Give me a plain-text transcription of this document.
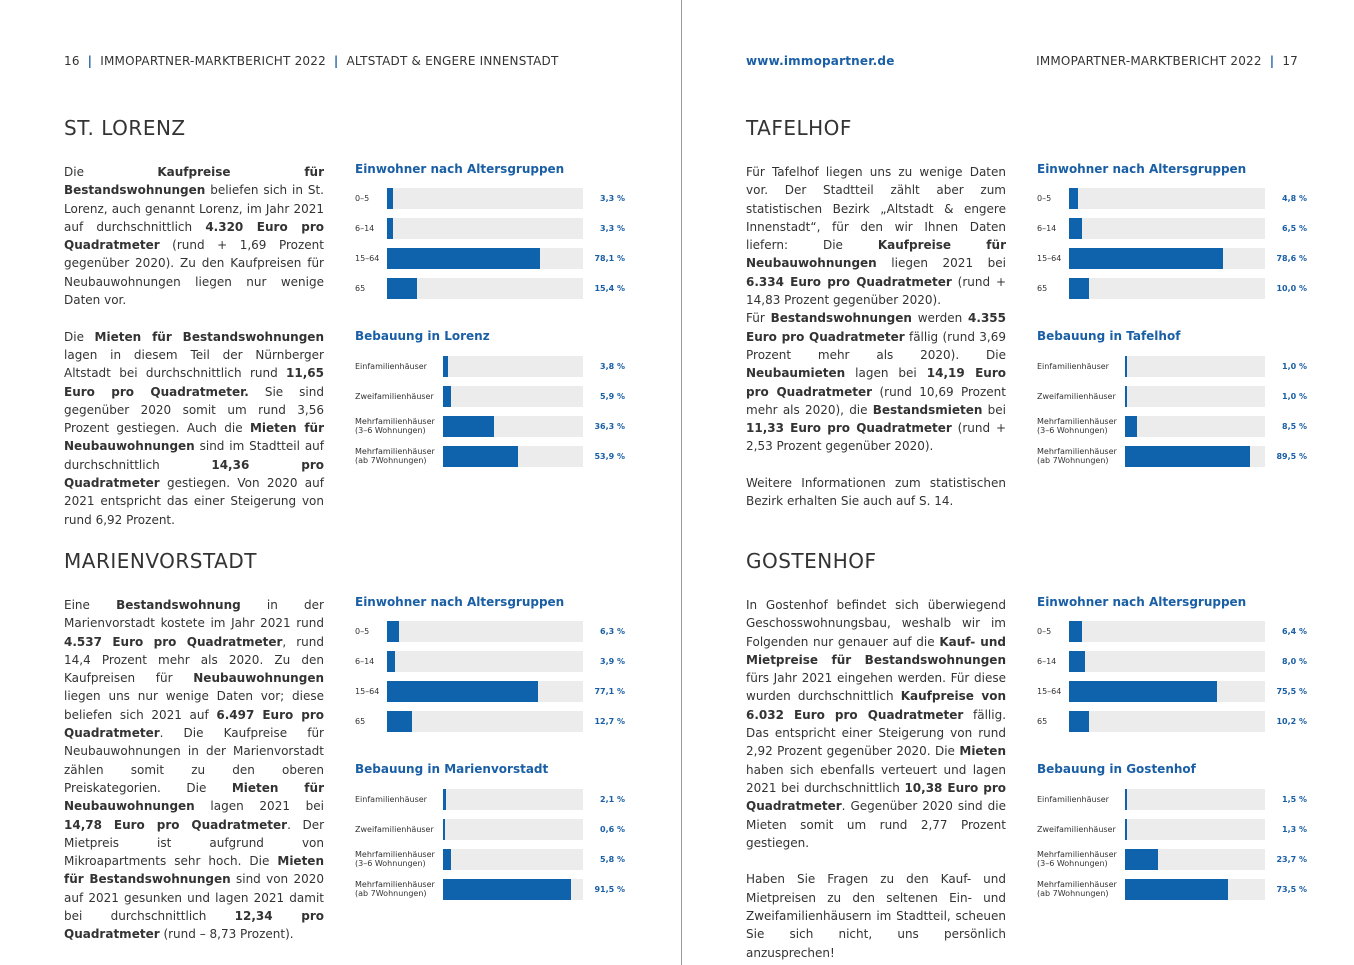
16 | IMMOPARTNER-MARKTBERICHT 2022 | ALTSTADT & ENGERE INNENSTADT
ST. LORENZ

Die Kaufpreise für Bestandswohnungen beliefen sich in St. Lorenz, auch genannt Lorenz, im Jahr 2021 auf durchschnittlich 4.320 Euro pro Quadratmeter (rund + 1,69 Prozent gegenüber 2020). Zu den Kaufpreisen für Neubauwohnungen liegen nur wenige Daten vor.

Die Mieten für Bestandswohnungen lagen in diesem Teil der Nürnberger Altstadt bei durchschnittlich rund 11,65 Euro pro Quadratmeter. Sie sind gegenüber 2020 somit um rund 3,56 Prozent gestiegen. Auch die Mieten für Neubauwohnungen sind im Stadtteil auf durchschnittlich 14,36 pro Quadratmeter gestiegen. Von 2020 auf 2021 entspricht das einer Steigerung von rund 6,92 Prozent.

Einwohner nach Altersgruppen
0–5	3,3 %
6–14	3,3 %
15–64	78,1 %
65	15,4 %
Bebauung in Lorenz
Einfamilienhäuser	3,8 %
Zweifamilienhäuser	5,9 %
Mehrfamilienhäuser
(3–6 Wohnungen)	36,3 %
Mehrfamilienhäuser
(ab 7Wohnungen)	53,9 %
MARIENVORSTADT

Eine Bestandswohnung in der Marienvorstadt kostete im Jahr 2021 rund 4.537 Euro pro Quadratmeter, rund 14,4 Prozent mehr als 2020. Zu den Kaufpreisen für Neubauwohnungen liegen uns nur wenige Daten vor; diese beliefen sich 2021 auf 6.497 Euro pro Quadratmeter. Die Kaufpreise für Neubauwohnungen in der Marienvorstadt zählen somit zu den oberen Preiskategorien. Die Mieten für Neubauwohnungen lagen 2021 bei 14,78 Euro pro Quadratmeter. Der Mietpreis ist aufgrund von Mikroapartments sehr hoch. Die Mieten für Bestandswohnungen sind von 2020 auf 2021 gesunken und lagen 2021 damit bei durchschnittlich 12,34 pro Quadratmeter (rund – 8,73 Prozent).

Einwohner nach Altersgruppen
0–5	6,3 %
6–14	3,9 %
15–64	77,1 %
65	12,7 %
Bebauung in Marienvorstadt
Einfamilienhäuser	2,1 %
Zweifamilienhäuser	0,6 %
Mehrfamilienhäuser
(3–6 Wohnungen)	5,8 %
Mehrfamilienhäuser
(ab 7Wohnungen)	91,5 %
www.immopartner.de	IMMOPARTNER-MARKTBERICHT 2022 | 17
TAFELHOF

Für Tafelhof liegen uns zu wenige Daten vor. Der Stadtteil zählt aber zum statistischen Bezirk „Altstadt & engere Innenstadt“, für den wir Ihnen Daten liefern: Die Kaufpreise für Neubauwohnungen liegen 2021 bei 6.334 Euro pro Quadratmeter (rund + 14,83 Prozent gegenüber 2020).

Für Bestandswohnungen werden 4.355 Euro pro Quadratmeter fällig (rund 3,69 Prozent mehr als 2020). Die Neubaumieten lagen bei 14,19 Euro pro Quadratmeter (rund 10,69 Prozent mehr als 2020), die Bestandsmieten bei 11,33 Euro pro Quadratmeter (rund + 2,53 Prozent gegenüber 2020).

Weitere Informationen zum statistischen Bezirk erhalten Sie auch auf S. 14.

Einwohner nach Altersgruppen
0–5	4,8 %
6–14	6,5 %
15–64	78,6 %
65	10,0 %
Bebauung in Tafelhof
Einfamilienhäuser	1,0 %
Zweifamilienhäuser	1,0 %
Mehrfamilienhäuser
(3–6 Wohnungen)	8,5 %
Mehrfamilienhäuser
(ab 7Wohnungen)	89,5 %
GOSTENHOF

In Gostenhof befindet sich überwiegend Geschosswohnungsbau, weshalb wir im Folgenden nur genauer auf die Kauf- und Mietpreise für Bestandswohnungen fürs Jahr 2021 eingehen werden. Für diese wurden durchschnittlich Kaufpreise von 6.032 Euro pro Quadratmeter fällig. Das entspricht einer Steigerung von rund 2,92 Prozent gegenüber 2020. Die Mieten haben sich ebenfalls verteuert und lagen 2021 bei durchschnittlich 10,38 Euro pro Quadratmeter. Gegenüber 2020 sind die Mieten somit um rund 2,77 Prozent gestiegen.

Haben Sie Fragen zu den Kauf- und Mietpreisen zu den seltenen Ein- und Zweifamilienhäusern im Stadtteil, scheuen Sie sich nicht, uns persönlich anzusprechen!

Einwohner nach Altersgruppen
0–5	6,4 %
6–14	8,0 %
15–64	75,5 %
65	10,2 %
Bebauung in Gostenhof
Einfamilienhäuser	1,5 %
Zweifamilienhäuser	1,3 %
Mehrfamilienhäuser
(3–6 Wohnungen)	23,7 %
Mehrfamilienhäuser
(ab 7Wohnungen)	73,5 %
